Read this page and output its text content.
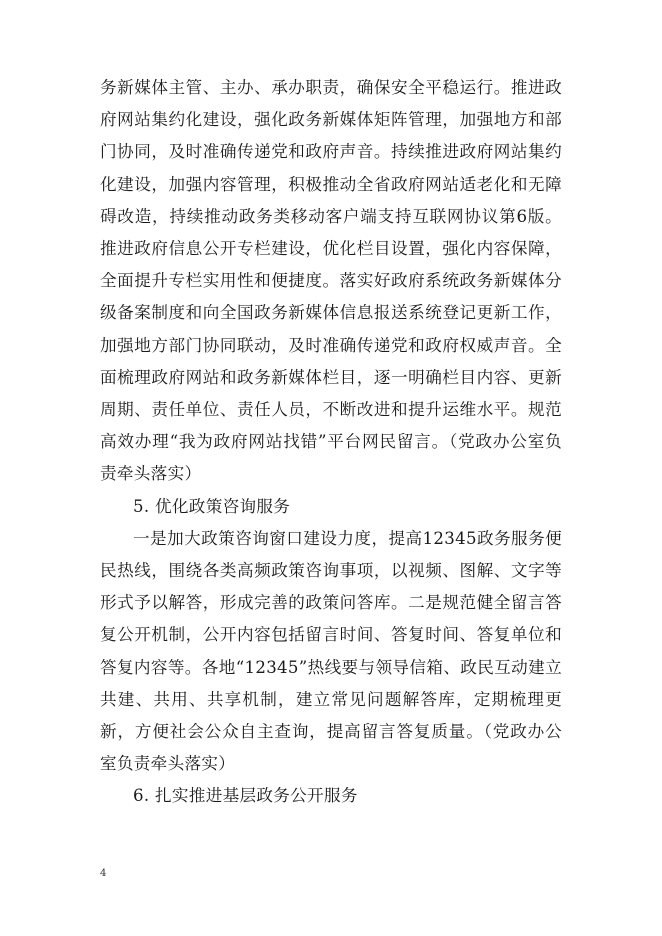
务新媒体主管、主办、承办职责，确保安全平稳运行。推进政府网站集约化建设，强化政务新媒体矩阵管理，加强地方和部门协同，及时准确传递党和政府声音。持续推进政府网站集约化建设，加强内容管理，积极推动全省政府网站适老化和无障碍改造，持续推动政务类移动客户端支持互联网协议第6版。推进政府信息公开专栏建设，优化栏目设置，强化内容保障，全面提升专栏实用性和便捷度。落实好政府系统政务新媒体分级备案制度和向全国政务新媒体信息报送系统登记更新工作，加强地方部门协同联动，及时准确传递党和政府权威声音。全面梳理政府网站和政务新媒体栏目，逐一明确栏目内容、更新周期、责任单位、责任人员，不断改进和提升运维水平。规范高效办理“我为政府网站找错”平台网民留言。（党政办公室负责牵头落实）

5. 优化政策咨询服务

一是加大政策咨询窗口建设力度，提高12345政务服务便民热线，围绕各类高频政策咨询事项，以视频、图解、文字等形式予以解答，形成完善的政策问答库。二是规范健全留言答复公开机制，公开内容包括留言时间、答复时间、答复单位和答复内容等。各地“12345”热线要与领导信箱、政民互动建立共建、共用、共享机制，建立常见问题解答库，定期梳理更新，方便社会公众自主查询，提高留言答复质量。（党政办公室负责牵头落实）

6. 扎实推进基层政务公开服务

4
